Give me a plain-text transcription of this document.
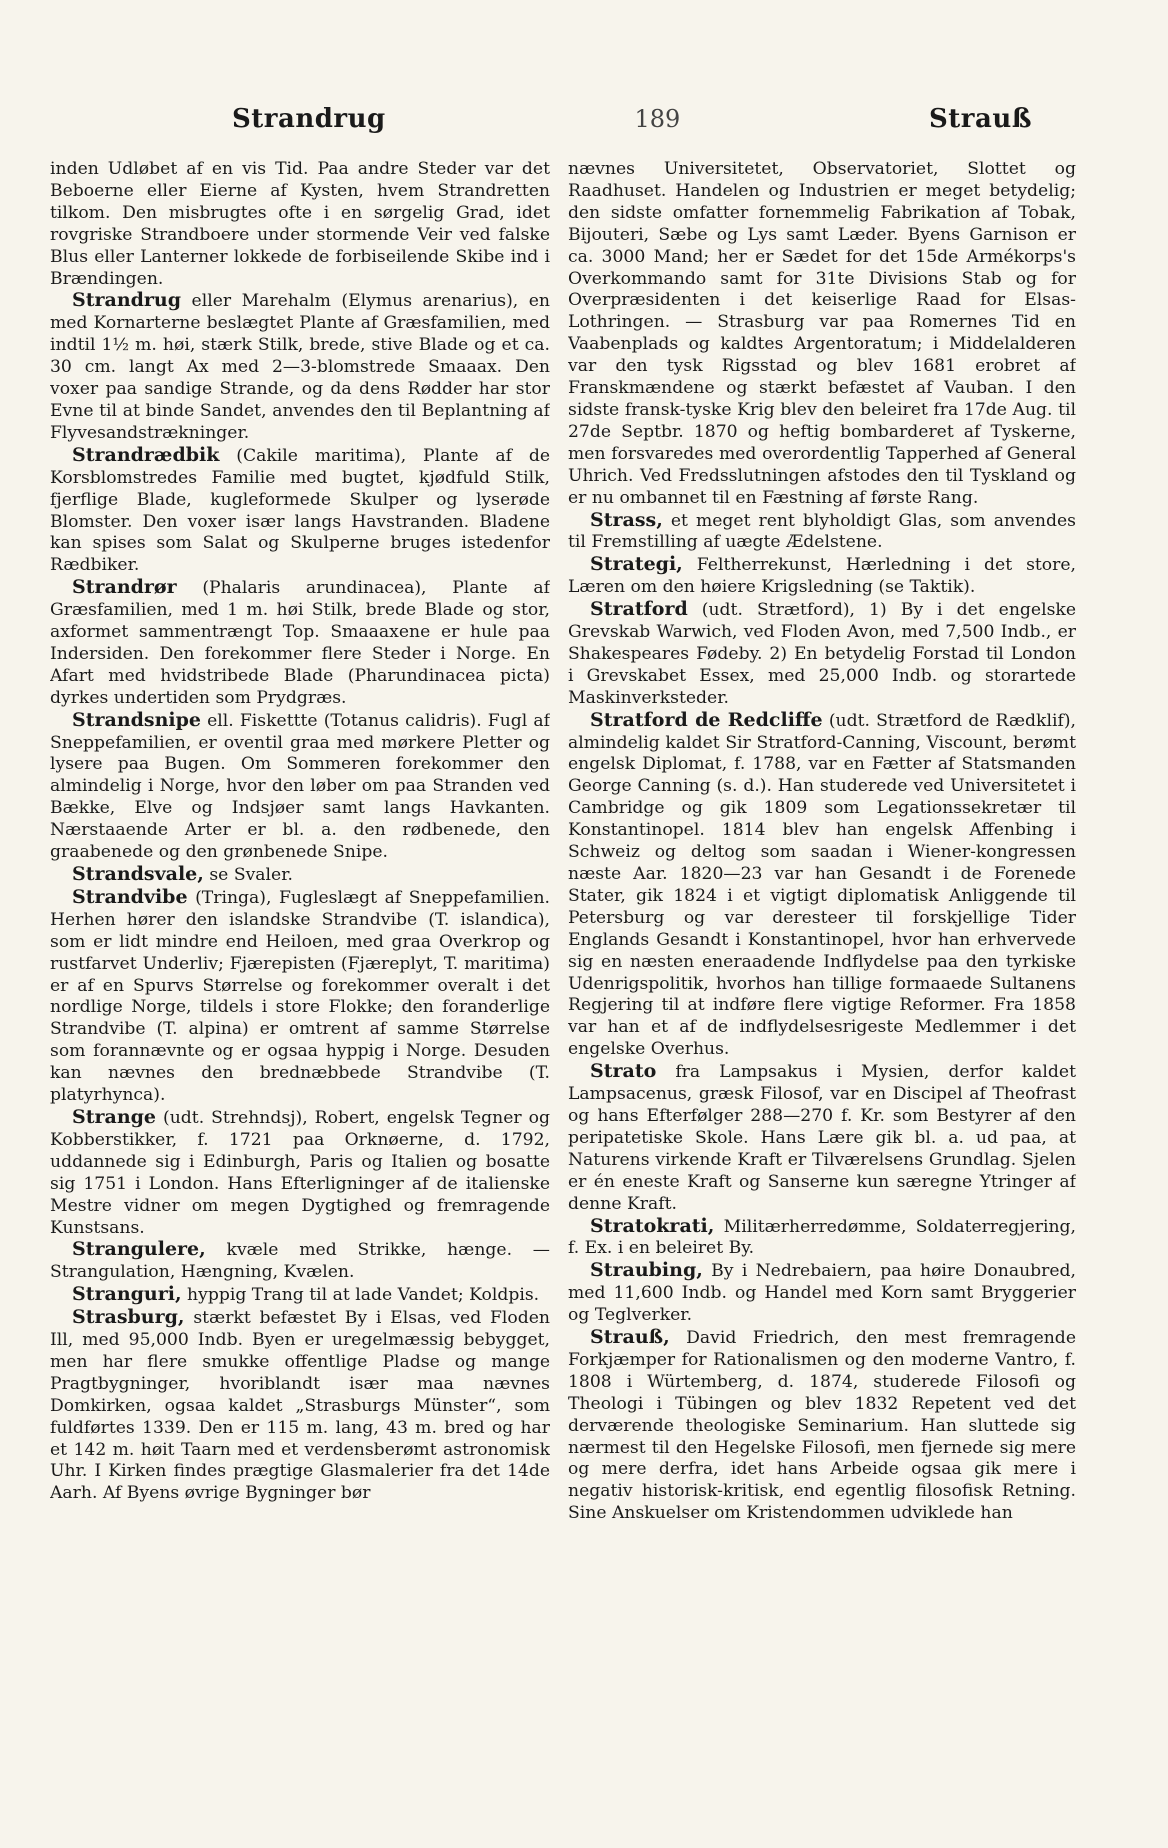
Strandrug	189	Strauß

inden Udløbet af en vis Tid. Paa andre Steder var det Beboerne eller Eierne af Kysten, hvem Strandretten tilkom. Den misbrugtes ofte i en sørgelig Grad, idet rovgriske Strandboere under stormende Veir ved falske Blus eller Lanterner lokkede de forbiseilende Skibe ind i Brændingen.

Strandrug eller Marehalm (Elymus arenarius), en med Kornarterne beslægtet Plante af Græsfamilien, med indtil 1½ m. høi, stærk Stilk, brede, stive Blade og et ca. 30 cm. langt Ax med 2—3-blomstrede Smaaax. Den voxer paa sandige Strande, og da dens Rødder har stor Evne til at binde Sandet, anvendes den til Beplantning af Flyvesandstrækninger.

Strandrædbik (Cakile maritima), Plante af de Korsblomstredes Familie med bugtet, kjødfuld Stilk, fjerflige Blade, kugleformede Skulper og lyserøde Blomster. Den voxer især langs Havstranden. Bladene kan spises som Salat og Skulperne bruges istedenfor Rædbiker.

Strandrør (Phalaris arundinacea), Plante af Græsfamilien, med 1 m. høi Stilk, brede Blade og stor, axformet sammentrængt Top. Smaaaxene er hule paa Indersiden. Den forekommer flere Steder i Norge. En Afart med hvidstribede Blade (Pharundinacea picta) dyrkes undertiden som Prydgræs.

Strandsnipe ell. Fiskettte (Totanus calidris). Fugl af Sneppefamilien, er oventil graa med mørkere Pletter og lysere paa Bugen. Om Sommeren forekommer den almindelig i Norge, hvor den løber om paa Stranden ved Bække, Elve og Indsjøer samt langs Havkanten. Nærstaaende Arter er bl. a. den rødbenede, den graabenede og den grønbenede Snipe.

Strandsvale, se Svaler.

Strandvibe (Tringa), Fugleslægt af Sneppefamilien. Herhen hører den islandske Strandvibe (T. islandica), som er lidt mindre end Heiloen, med graa Overkrop og rustfarvet Underliv; Fjærepisten (Fjæreplyt, T. maritima) er af en Spurvs Størrelse og forekommer overalt i det nordlige Norge, tildels i store Flokke; den foranderlige Strandvibe (T. alpina) er omtrent af samme Størrelse som forannævnte og er ogsaa hyppig i Norge. Desuden kan nævnes den brednæbbede Strandvibe (T. platyrhynca).

Strange (udt. Strehndsj), Robert, engelsk Tegner og Kobberstikker, f. 1721 paa Orknøerne, d. 1792, uddannede sig i Edinburgh, Paris og Italien og bosatte sig 1751 i London. Hans Efterligninger af de italienske Mestre vidner om megen Dygtighed og fremragende Kunstsans.

Strangulere, kvæle med Strikke, hænge. — Strangulation, Hængning, Kvælen.

Stranguri, hyppig Trang til at lade Vandet; Koldpis.

Strasburg, stærkt befæstet By i Elsas, ved Floden Ill, med 95,000 Indb. Byen er uregelmæssig bebygget, men har flere smukke offentlige Pladse og mange Pragtbygninger, hvoriblandt især maa nævnes Domkirken, ogsaa kaldet „Strasburgs Münster“, som fuldførtes 1339. Den er 115 m. lang, 43 m. bred og har et 142 m. høit Taarn med et verdensberømt astronomisk Uhr. I Kirken findes prægtige Glasmalerier fra det 14de Aarh. Af Byens øvrige Bygninger bør

nævnes Universitetet, Observatoriet, Slottet og Raadhuset. Handelen og Industrien er meget betydelig; den sidste omfatter fornemmelig Fabrikation af Tobak, Bijouteri, Sæbe og Lys samt Læder. Byens Garnison er ca. 3000 Mand; her er Sædet for det 15de Armékorps's Overkommando samt for 31te Divisions Stab og for Overpræsidenten i det keiserlige Raad for Elsas-Lothringen. — Strasburg var paa Romernes Tid en Vaabenplads og kaldtes Argentoratum; i Middelalderen var den tysk Rigsstad og blev 1681 erobret af Franskmændene og stærkt befæstet af Vauban. I den sidste fransk-tyske Krig blev den beleiret fra 17de Aug. til 27de Septbr. 1870 og heftig bombarderet af Tyskerne, men forsvaredes med overordentlig Tapperhed af General Uhrich. Ved Fredsslutningen afstodes den til Tyskland og er nu ombannet til en Fæstning af første Rang.

Strass, et meget rent blyholdigt Glas, som anvendes til Fremstilling af uægte Ædelstene.

Strategi, Feltherrekunst, Hærledning i det store, Læren om den høiere Krigsledning (se Taktik).

Stratford (udt. Strætford), 1) By i det engelske Grevskab Warwich, ved Floden Avon, med 7,500 Indb., er Shakespeares Fødeby. 2) En betydelig Forstad til London i Grevskabet Essex, med 25,000 Indb. og storartede Maskinverksteder.

Stratford de Redcliffe (udt. Strætford de Rædklif), almindelig kaldet Sir Stratford-Canning, Viscount, berømt engelsk Diplomat, f. 1788, var en Fætter af Statsmanden George Canning (s. d.). Han studerede ved Universitetet i Cambridge og gik 1809 som Legationssekretær til Konstantinopel. 1814 blev han engelsk Affenbing i Schweiz og deltog som saadan i Wiener-kongressen næste Aar. 1820—23 var han Gesandt i de Forenede Stater, gik 1824 i et vigtigt diplomatisk Anliggende til Petersburg og var deresteer til forskjellige Tider Englands Gesandt i Konstantinopel, hvor han erhvervede sig en næsten eneraadende Indflydelse paa den tyrkiske Udenrigspolitik, hvorhos han tillige formaaede Sultanens Regjering til at indføre flere vigtige Reformer. Fra 1858 var han et af de indflydelsesrigeste Medlemmer i det engelske Overhus.

Strato fra Lampsakus i Mysien, derfor kaldet Lampsacenus, græsk Filosof, var en Discipel af Theofrast og hans Efterfølger 288—270 f. Kr. som Bestyrer af den peripatetiske Skole. Hans Lære gik bl. a. ud paa, at Naturens virkende Kraft er Tilværelsens Grundlag. Sjelen er én eneste Kraft og Sanserne kun særegne Ytringer af denne Kraft.

Stratokrati, Militærherredømme, Soldaterregjering, f. Ex. i en beleiret By.

Straubing, By i Nedrebaiern, paa høire Donaubred, med 11,600 Indb. og Handel med Korn samt Bryggerier og Teglverker.

Strauß, David Friedrich, den mest fremragende Forkjæmper for Rationalismen og den moderne Vantro, f. 1808 i Würtemberg, d. 1874, studerede Filosofi og Theologi i Tübingen og blev 1832 Repetent ved det derværende theologiske Seminarium. Han sluttede sig nærmest til den Hegelske Filosofi, men fjernede sig mere og mere derfra, idet hans Arbeide ogsaa gik mere i negativ historisk-kritisk, end egentlig filosofisk Retning. Sine Anskuelser om Kristendommen udviklede han
